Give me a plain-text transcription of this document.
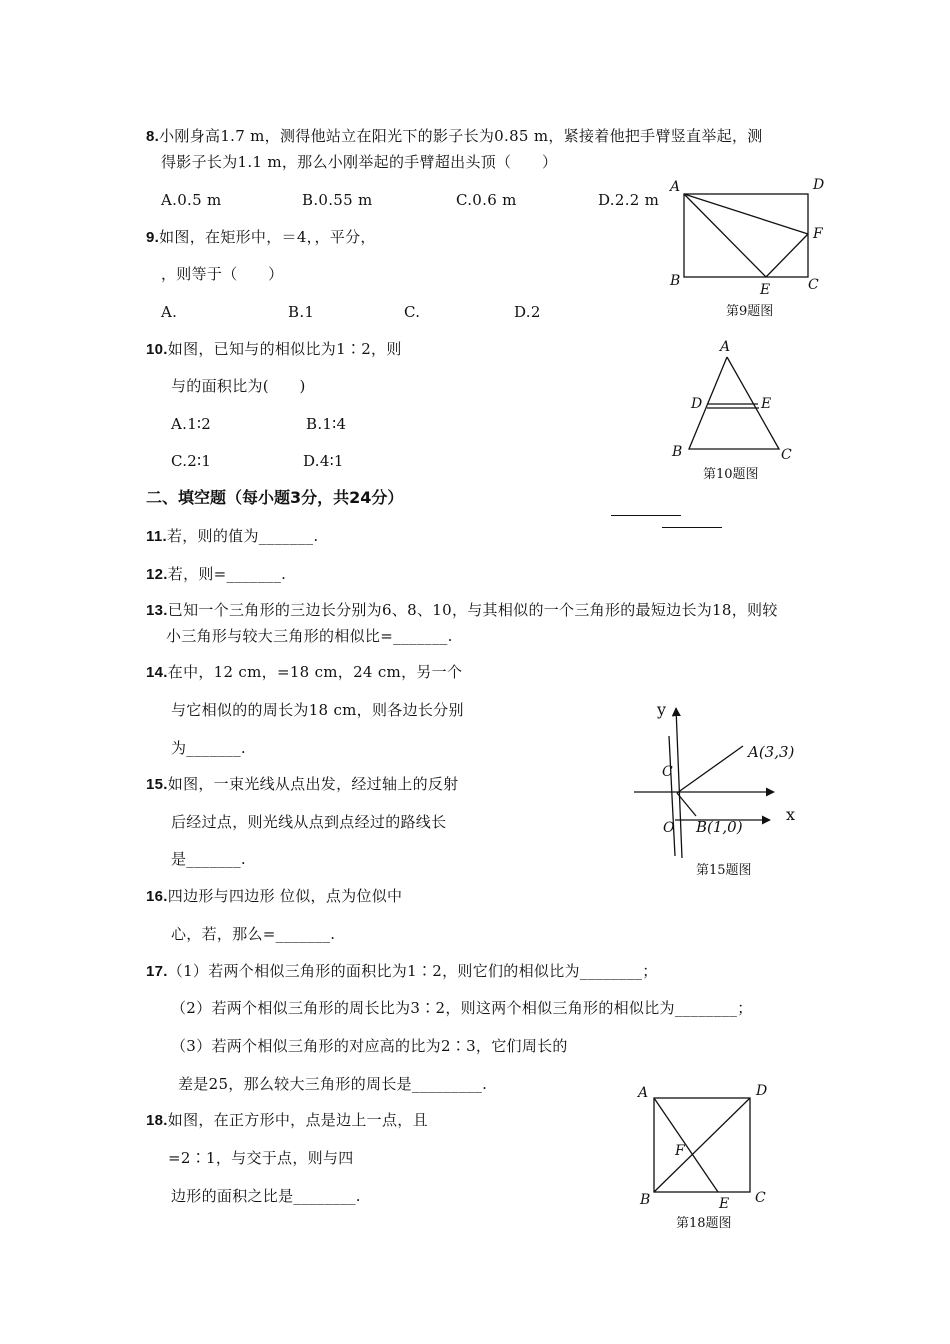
8.小刚身高1.7 m，测得他站立在阳光下的影子长为0.85 m，紧接着他把手臂竖直举起，测
得影子长为1.1 m，那么小刚举起的手臂超出头顶（　　）
A.0.5 m	B.0.55 m	C.0.6 m	D.2.2 m
9.如图，在矩形中，＝4，，平分，
，则等于（　　）
A.	B.1	C.	D.2
A	D
F
B	C
E
第9题图
10.如图，已知与的相似比为1∶2，则
与的面积比为(　　)
A.1∶2	B.1∶4
C.2∶1	D.4∶1
A
D	E
B	C
第10题图
二、填空题（每小题3分，共24分）
11.若，则的值为_______.
12.若，则=_______.
13.已知一个三角形的三边长分别为6、8、10，与其相似的一个三角形的最短边长为18，则较
小三角形与较大三角形的相似比=_______.
14.在中，12 cm，=18 cm，24 cm，另一个
与它相似的的周长为18 cm，则各边长分别
为_______.
15.如图，一束光线从点出发，经过轴上的反射
后经过点，则光线从点到点经过的路线长
是_______.
y
x
A(3,3)
C
O B(1,0)
第15题图
16.四边形与四边形 位似，点为位似中
心，若，那么=_______.
17.（1）若两个相似三角形的面积比为1∶2，则它们的相似比为________；
（2）若两个相似三角形的周长比为3∶2，则这两个相似三角形的相似比为________；
（3）若两个相似三角形的对应高的比为2∶3，它们周长的
差是25，那么较大三角形的周长是_________.
18.如图，在正方形中，点是边上一点，且
=2∶1，与交于点，则与四
边形的面积之比是________.
A	D
F
B	E C
第18题图
